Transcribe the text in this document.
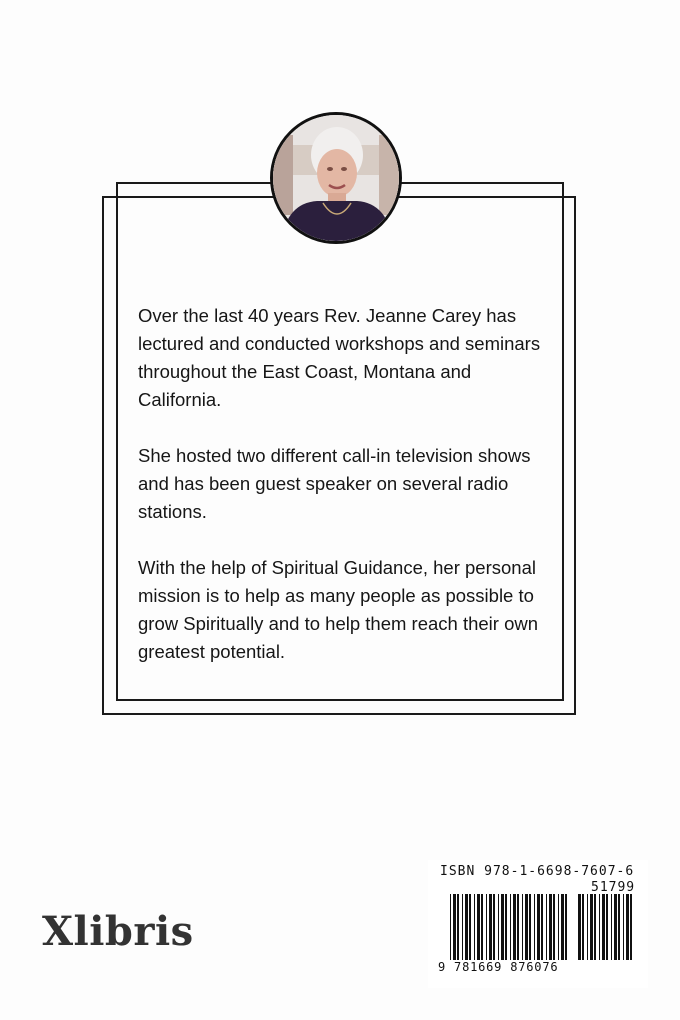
Over the last 40 years Rev. Jeanne Carey has lectured and conducted workshops and seminars throughout the East Coast, Montana and California.

She hosted two different call-in television shows and has been guest speaker on several radio stations.

With the help of Spiritual Guidance, her personal mission is to help as many people as possible to grow Spiritually and to help them reach their own greatest potential.

Xlibris
ISBN 978-1-6698-7607-6
51799
9 781669 876076
